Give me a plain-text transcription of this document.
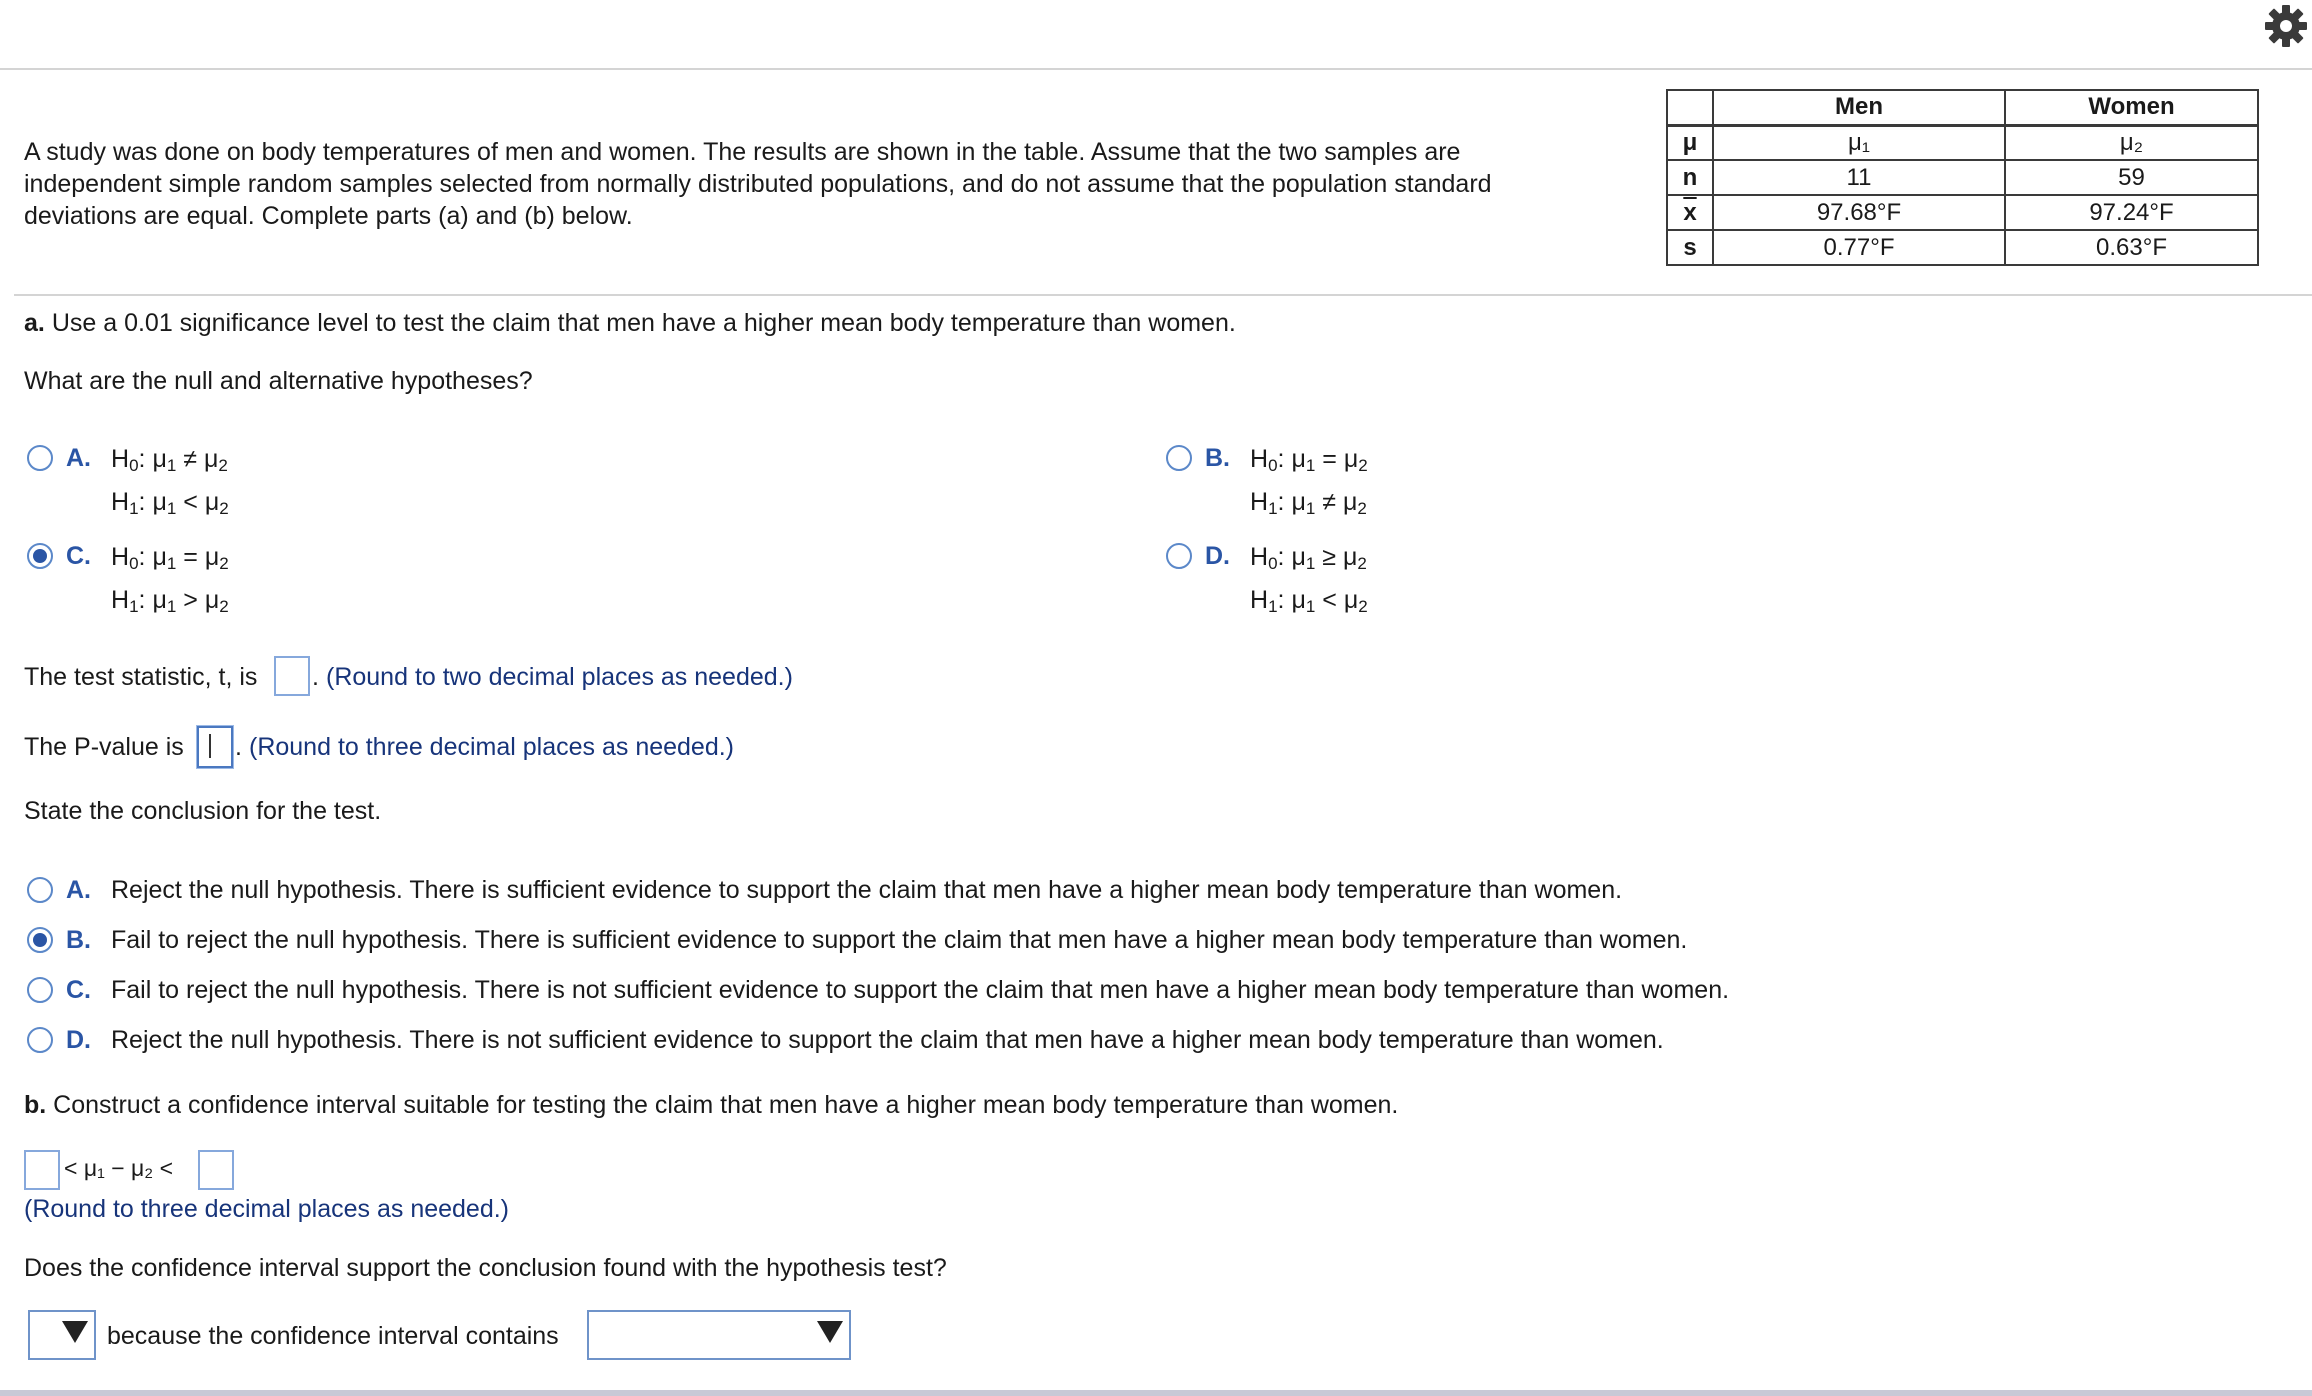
A study was done on body temperatures of men and women. The results are shown in the table. Assume that the two samples are independent simple random samples selected from normally distributed populations, and do not assume that the population standard deviations are equal. Complete parts (a) and (b) below.
	Men	Women
μ	μ₁	μ₂
n	11	59
$\overline{x}$	97.68°F	97.24°F
s	0.77°F	0.63°F
a. Use a 0.01 significance level to test the claim that men have a higher mean body temperature than women.
What are the null and alternative hypotheses?
A. $H_0$: $\mu_1 \ne \mu_2$
$H_1$: $\mu_1 < \mu_2$
B. $H_0$: $\mu_1 = \mu_2$
$H_1$: $\mu_1 \ne \mu_2$
C. $H_0$: $\mu_1 = \mu_2$
$H_1$: $\mu_1 > \mu_2$
D. $H_0$: $\mu_1 \ge \mu_2$
$H_1$: $\mu_1 < \mu_2$
The test statistic, t, is . (Round to two decimal places as needed.)
The P-value is . (Round to three decimal places as needed.)
State the conclusion for the test.
A. Reject the null hypothesis. There is sufficient evidence to support the claim that men have a higher mean body temperature than women.
B. Fail to reject the null hypothesis. There is sufficient evidence to support the claim that men have a higher mean body temperature than women.
C. Fail to reject the null hypothesis. There is not sufficient evidence to support the claim that men have a higher mean body temperature than women.
D. Reject the null hypothesis. There is not sufficient evidence to support the claim that men have a higher mean body temperature than women.
b. Construct a confidence interval suitable for testing the claim that men have a higher mean body temperature than women.
< μ₁ − μ₂ <
(Round to three decimal places as needed.)
Does the confidence interval support the conclusion found with the hypothesis test?
because the confidence interval contains
